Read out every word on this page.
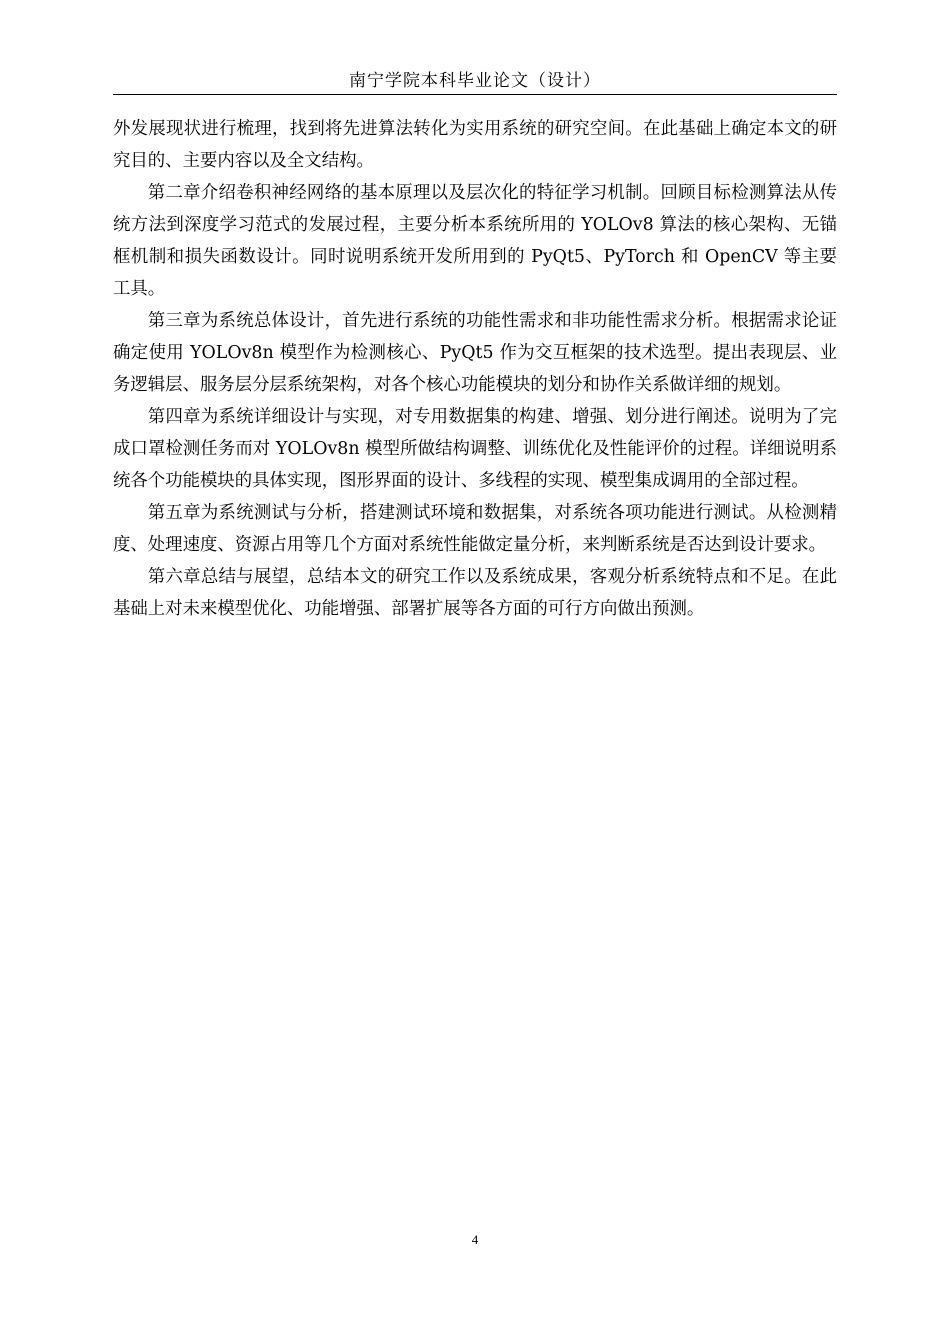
南宁学院本科毕业论文（设计）

外发展现状进行梳理，找到将先进算法转化为实用系统的研究空间。在此基础上确定本文的研究目的、主要内容以及全文结构。

第二章介绍卷积神经网络的基本原理以及层次化的特征学习机制。回顾目标检测算法从传统方法到深度学习范式的发展过程，主要分析本系统所用的 YOLOv8 算法的核心架构、无锚框机制和损失函数设计。同时说明系统开发所用到的 PyQt5、PyTorch 和 OpenCV 等主要工具。

第三章为系统总体设计，首先进行系统的功能性需求和非功能性需求分析。根据需求论证确定使用 YOLOv8n 模型作为检测核心、PyQt5 作为交互框架的技术选型。提出表现层、业务逻辑层、服务层分层系统架构，对各个核心功能模块的划分和协作关系做详细的规划。

第四章为系统详细设计与实现，对专用数据集的构建、增强、划分进行阐述。说明为了完成口罩检测任务而对 YOLOv8n 模型所做结构调整、训练优化及性能评价的过程。详细说明系统各个功能模块的具体实现，图形界面的设计、多线程的实现、模型集成调用的全部过程。

第五章为系统测试与分析，搭建测试环境和数据集，对系统各项功能进行测试。从检测精度、处理速度、资源占用等几个方面对系统性能做定量分析，来判断系统是否达到设计要求。

第六章总结与展望，总结本文的研究工作以及系统成果，客观分析系统特点和不足。在此基础上对未来模型优化、功能增强、部署扩展等各方面的可行方向做出预测。

4
